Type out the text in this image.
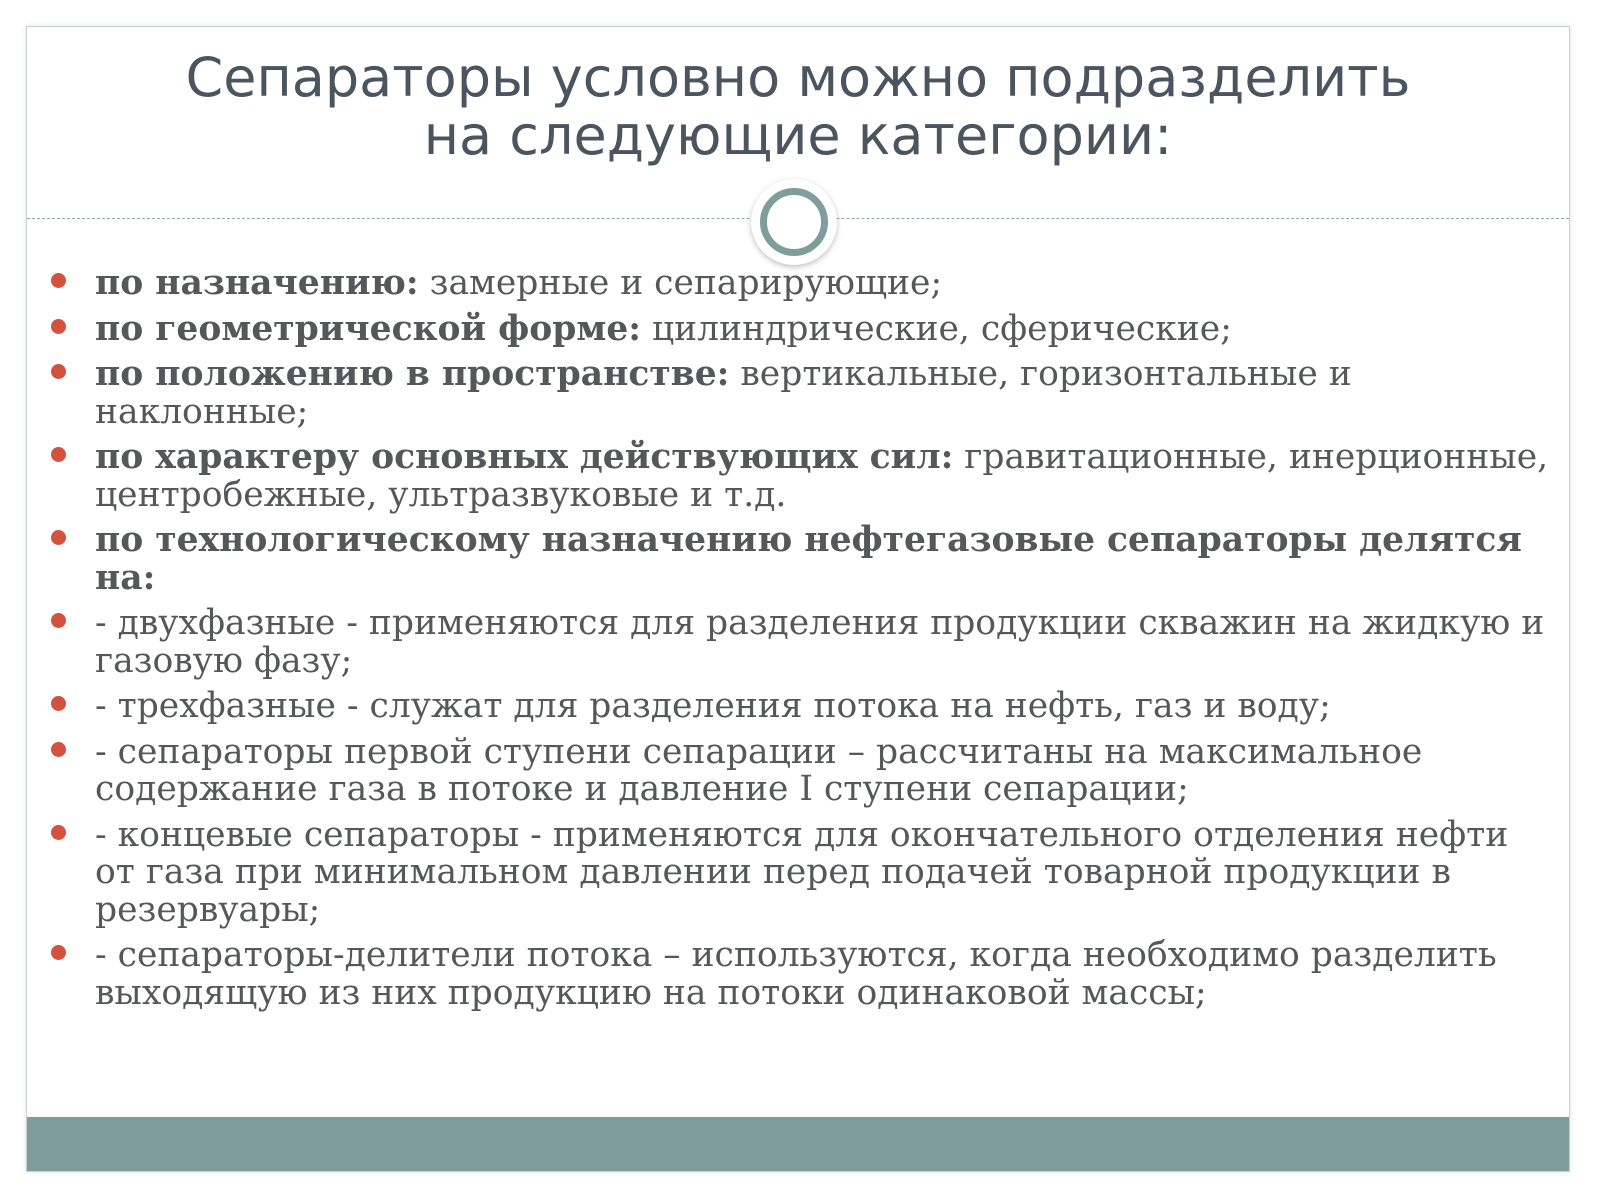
Сепараторы условно можно подразделить
на следующие категории:
по назначению: замерные и сепарирующие;
по геометрической форме: цилиндрические, сферические;
по положению в пространстве: вертикальные, горизонтальные и наклонные;
по характеру основных действующих сил: гравитационные, инерционные, центробежные, ультразвуковые и т.д.
по технологическому назначению нефтегазовые сепараторы делятся на:
- двухфазные - применяются для разделения продукции скважин на жидкую и газовую фазу;
- трехфазные - служат для разделения потока на нефть, газ и воду;
- сепараторы первой ступени сепарации – рассчитаны на максимальное содержание газа в потоке и давление I ступени сепарации;
- концевые сепараторы - применяются для окончательного отделения нефти от газа при минимальном давлении перед подачей товарной продукции в резервуары;
- сепараторы-делители потока – используются, когда необходимо разделить выходящую из них продукцию на потоки одинаковой массы;
